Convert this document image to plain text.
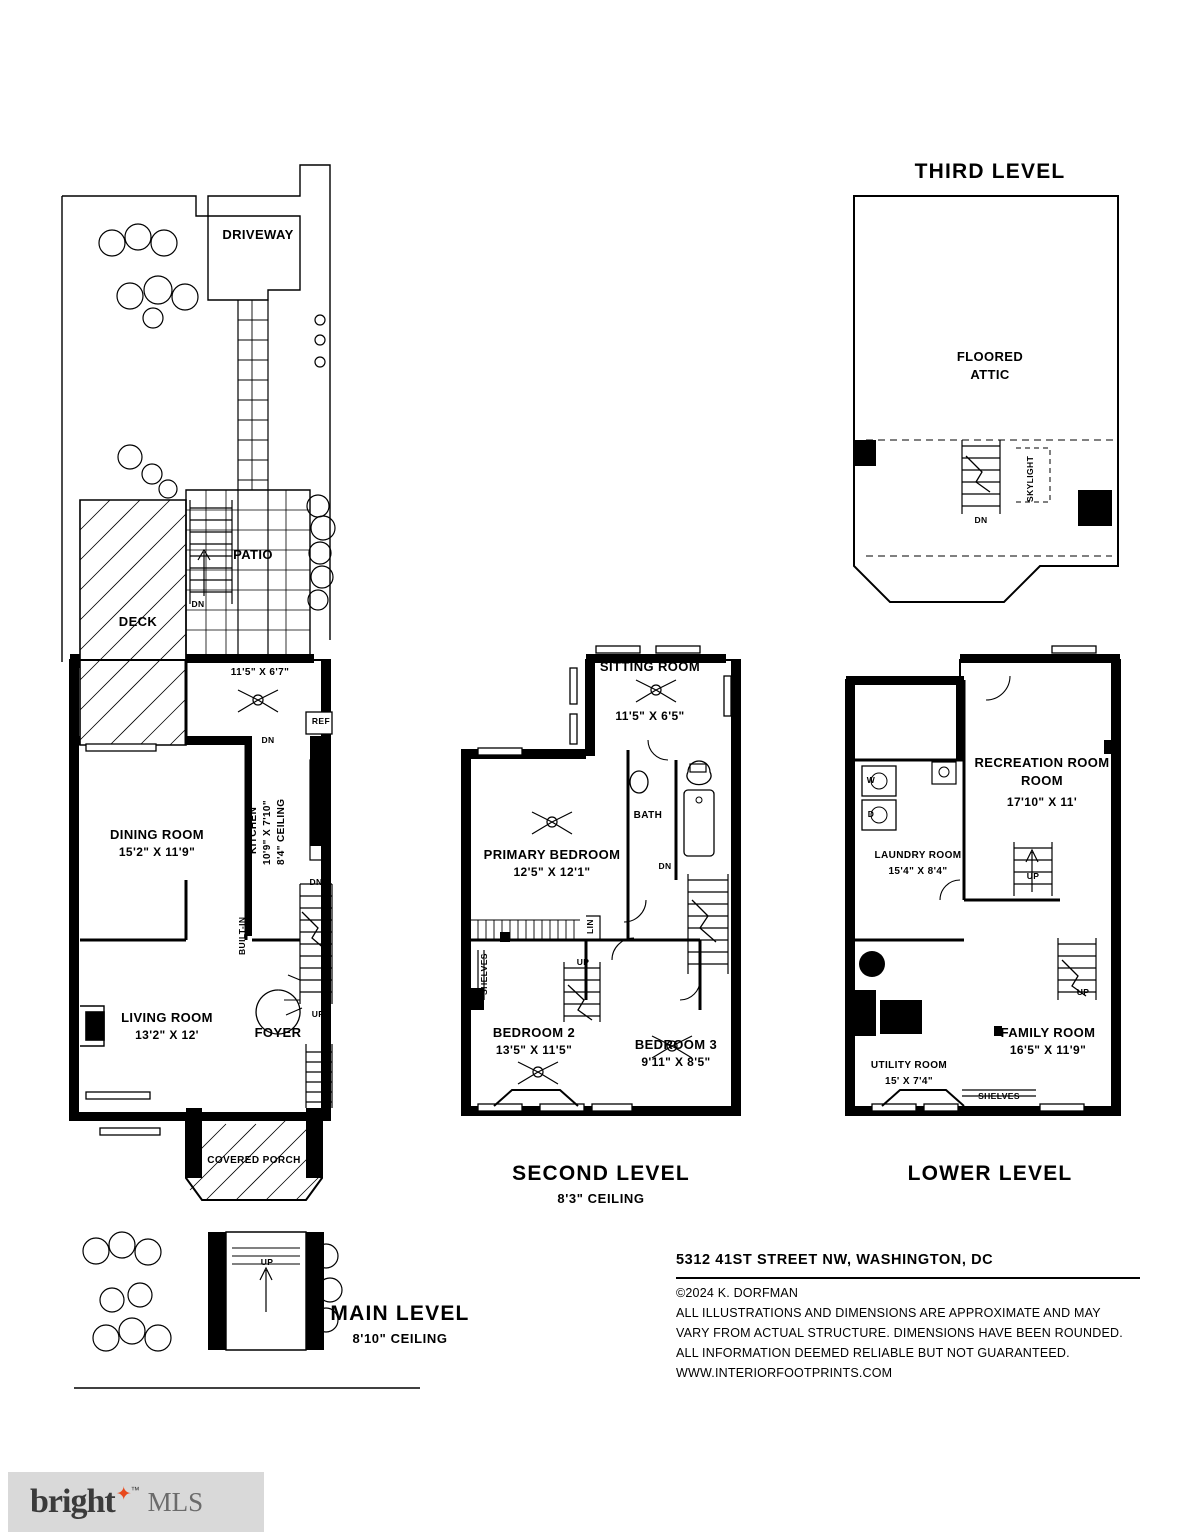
DRIVEWAY
PATIO
DECK
BREAKFAST ROOM
11'5" X 6'7"
DINING ROOM
15'2" X 11'9"	KITCHEN 10'9" X 7'10" 8'4" CEILING
BUILT-IN
REF
LIVING ROOM
13'2" X 12'
FP	FOYER
COVERED PORCH
DN
DN
DN
UP
UP
MAIN LEVEL
8'10" CEILING
SITTING ROOM
11'5" X 6'5"
PRIMARY BEDROOM
12'5" X 12'1"
BATH
SHELVES
LIN
BEDROOM 2
13'5" X 11'5"	BEDROOM 3
9'11" X 8'5"
DN
UP
SECOND LEVEL
8'3" CEILING
RECREATION ROOM
ROOM
17'10" X 11'
LAUNDRY ROOM
15'4" X 8'4"
W
D
FAMILY ROOM
16'5" X 11'9"
UTILITY ROOM
15' X 7'4"
SHELVES
UP
UP
LOWER LEVEL
THIRD LEVEL
FLOORED
ATTIC
SKYLIGHT
DN
5312 41ST STREET NW, WASHINGTON, DC
©2024 K. DORFMAN
ALL ILLUSTRATIONS AND DIMENSIONS ARE APPROXIMATE AND MAY
VARY FROM ACTUAL STRUCTURE. DIMENSIONS HAVE BEEN ROUNDED.
ALL INFORMATION DEEMED RELIABLE BUT NOT GUARANTEED.
WWW.INTERIORFOOTPRINTS.COM
bright ✦ ™ MLS
